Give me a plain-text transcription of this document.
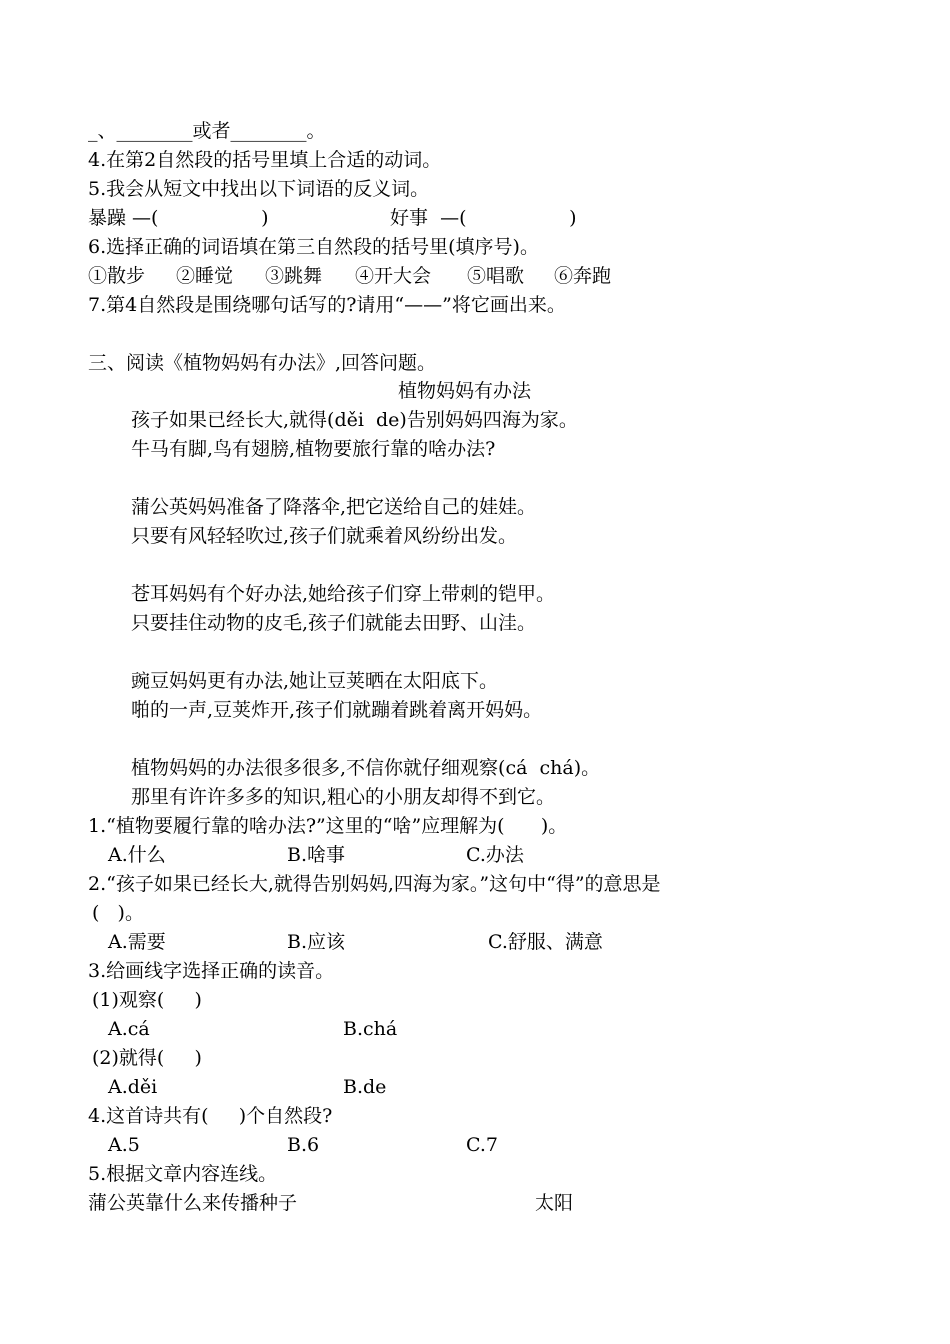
_、________或者________。
4.在第2自然段的括号里填上合适的动词。
5.我会从短文中找出以下词语的反义词。
暴躁 —(                 )	好事  —(                 )
6.选择正确的词语填在第三自然段的括号里(填序号)。
①散步 ②睡觉 ③跳舞 ④开大会 ⑤唱歌 ⑥奔跑
7.第4自然段是围绕哪句话写的?请用“——”将它画出来。
三、阅读《植物妈妈有办法》,回答问题。
植物妈妈有办法
孩子如果已经长大,就得(děi  de)告别妈妈四海为家。
牛马有脚,鸟有翅膀,植物要旅行靠的啥办法?
蒲公英妈妈准备了降落伞,把它送给自己的娃娃。
只要有风轻轻吹过,孩子们就乘着风纷纷出发。
苍耳妈妈有个好办法,她给孩子们穿上带刺的铠甲。
只要挂住动物的皮毛,孩子们就能去田野、山洼。
豌豆妈妈更有办法,她让豆荚晒在太阳底下。
啪的一声,豆荚炸开,孩子们就蹦着跳着离开妈妈。
植物妈妈的办法很多很多,不信你就仔细观察(cá  chá)。
那里有许许多多的知识,粗心的小朋友却得不到它。
1.“植物要履行靠的啥办法?”这里的“啥”应理解为(      )。
A.什么	B.啥事	C.办法
2.“孩子如果已经长大,就得告别妈妈,四海为家。”这句中“得”的意思是
(   )。
A.需要	B.应该	C.舒服、满意
3.给画线字选择正确的读音。
(1)观察(     )
A.cá	B.chá
(2)就得(     )
A.děi	B.de
4.这首诗共有(     )个自然段?
A.5	B.6	C.7
5.根据文章内容连线。
蒲公英靠什么来传播种子	太阳
